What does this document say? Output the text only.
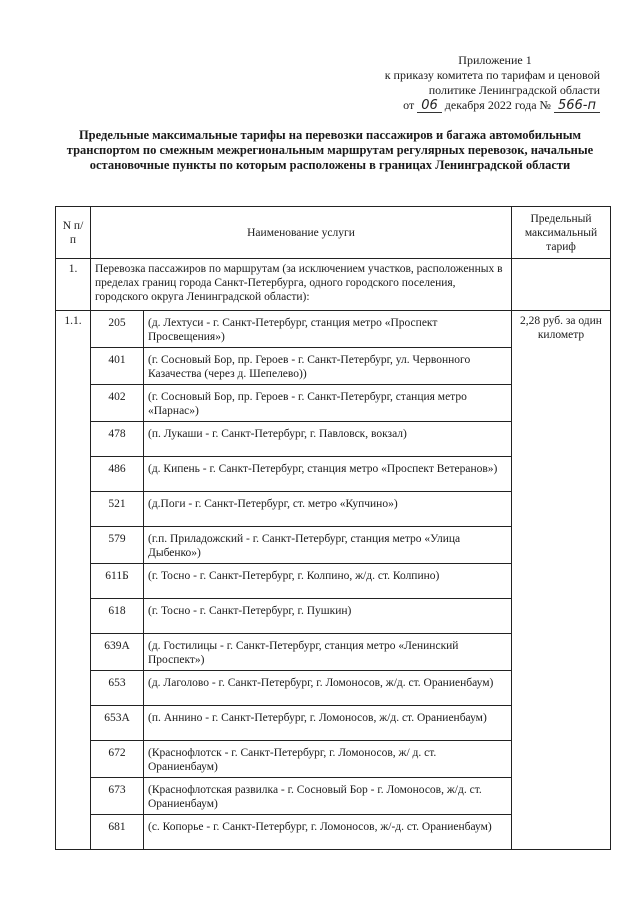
Приложение 1
к приказу комитета по тарифам и ценовой
политике Ленинградской области
от 06 декабря 2022 года № 566-п
Предельные максимальные тарифы на перевозки пассажиров и багажа автомобильным транспортом по смежным межрегиональным маршрутам регулярных перевозок, начальные остановочные пункты по которым расположены в границах Ленинградской области
N п/п	Наименование услуги		Предельный максимальный тариф
1.	Перевозка пассажиров по маршрутам (за исключением участков, расположенных в пределах границ города Санкт-Петербурга, одного городского поселения, городского округа Ленинградской области):		
1.1.	205	(д. Лехтуси - г. Санкт-Петербург, станция метро «Проспект Просвещения»)	2,28 руб. за один километр
	401	(г. Сосновый Бор, пр. Героев - г. Санкт-Петербург, ул. Червонного Казачества (через д. Шепелево))	
	402	(г. Сосновый Бор, пр. Героев - г. Санкт-Петербург, станция метро «Парнас»)	
	478	(п. Лукаши - г. Санкт-Петербург, г. Павловск, вокзал)	
	486	(д. Кипень - г. Санкт-Петербург, станция метро «Проспект Ветеранов»)	
	521	(д.Поги - г. Санкт-Петербург, ст. метро «Купчино»)	
	579	(г.п. Приладожский - г. Санкт-Петербург, станция метро «Улица Дыбенко»)	
	611Б	(г. Тосно - г. Санкт-Петербург, г. Колпино, ж/д. ст. Колпино)	
	618	(г. Тосно - г. Санкт-Петербург, г. Пушкин)	
	639А	(д. Гостилицы - г. Санкт-Петербург, станция метро «Ленинский Проспект»)	
	653	(д. Лаголово - г. Санкт-Петербург, г. Ломоносов, ж/д. ст. Ораниенбаум)	
	653А	(п. Аннино - г. Санкт-Петербург, г. Ломоносов, ж/д. ст. Ораниенбаум)	
	672	(Краснофлотск - г. Санкт-Петербург, г. Ломоносов, ж/ д. ст. Ораниенбаум)	
	673	(Краснофлотская развилка - г. Сосновый Бор - г. Ломоносов, ж/д. ст. Ораниенбаум)	
	681	(с. Копорье - г. Санкт-Петербург, г. Ломоносов, ж/-д. ст. Ораниенбаум)	
